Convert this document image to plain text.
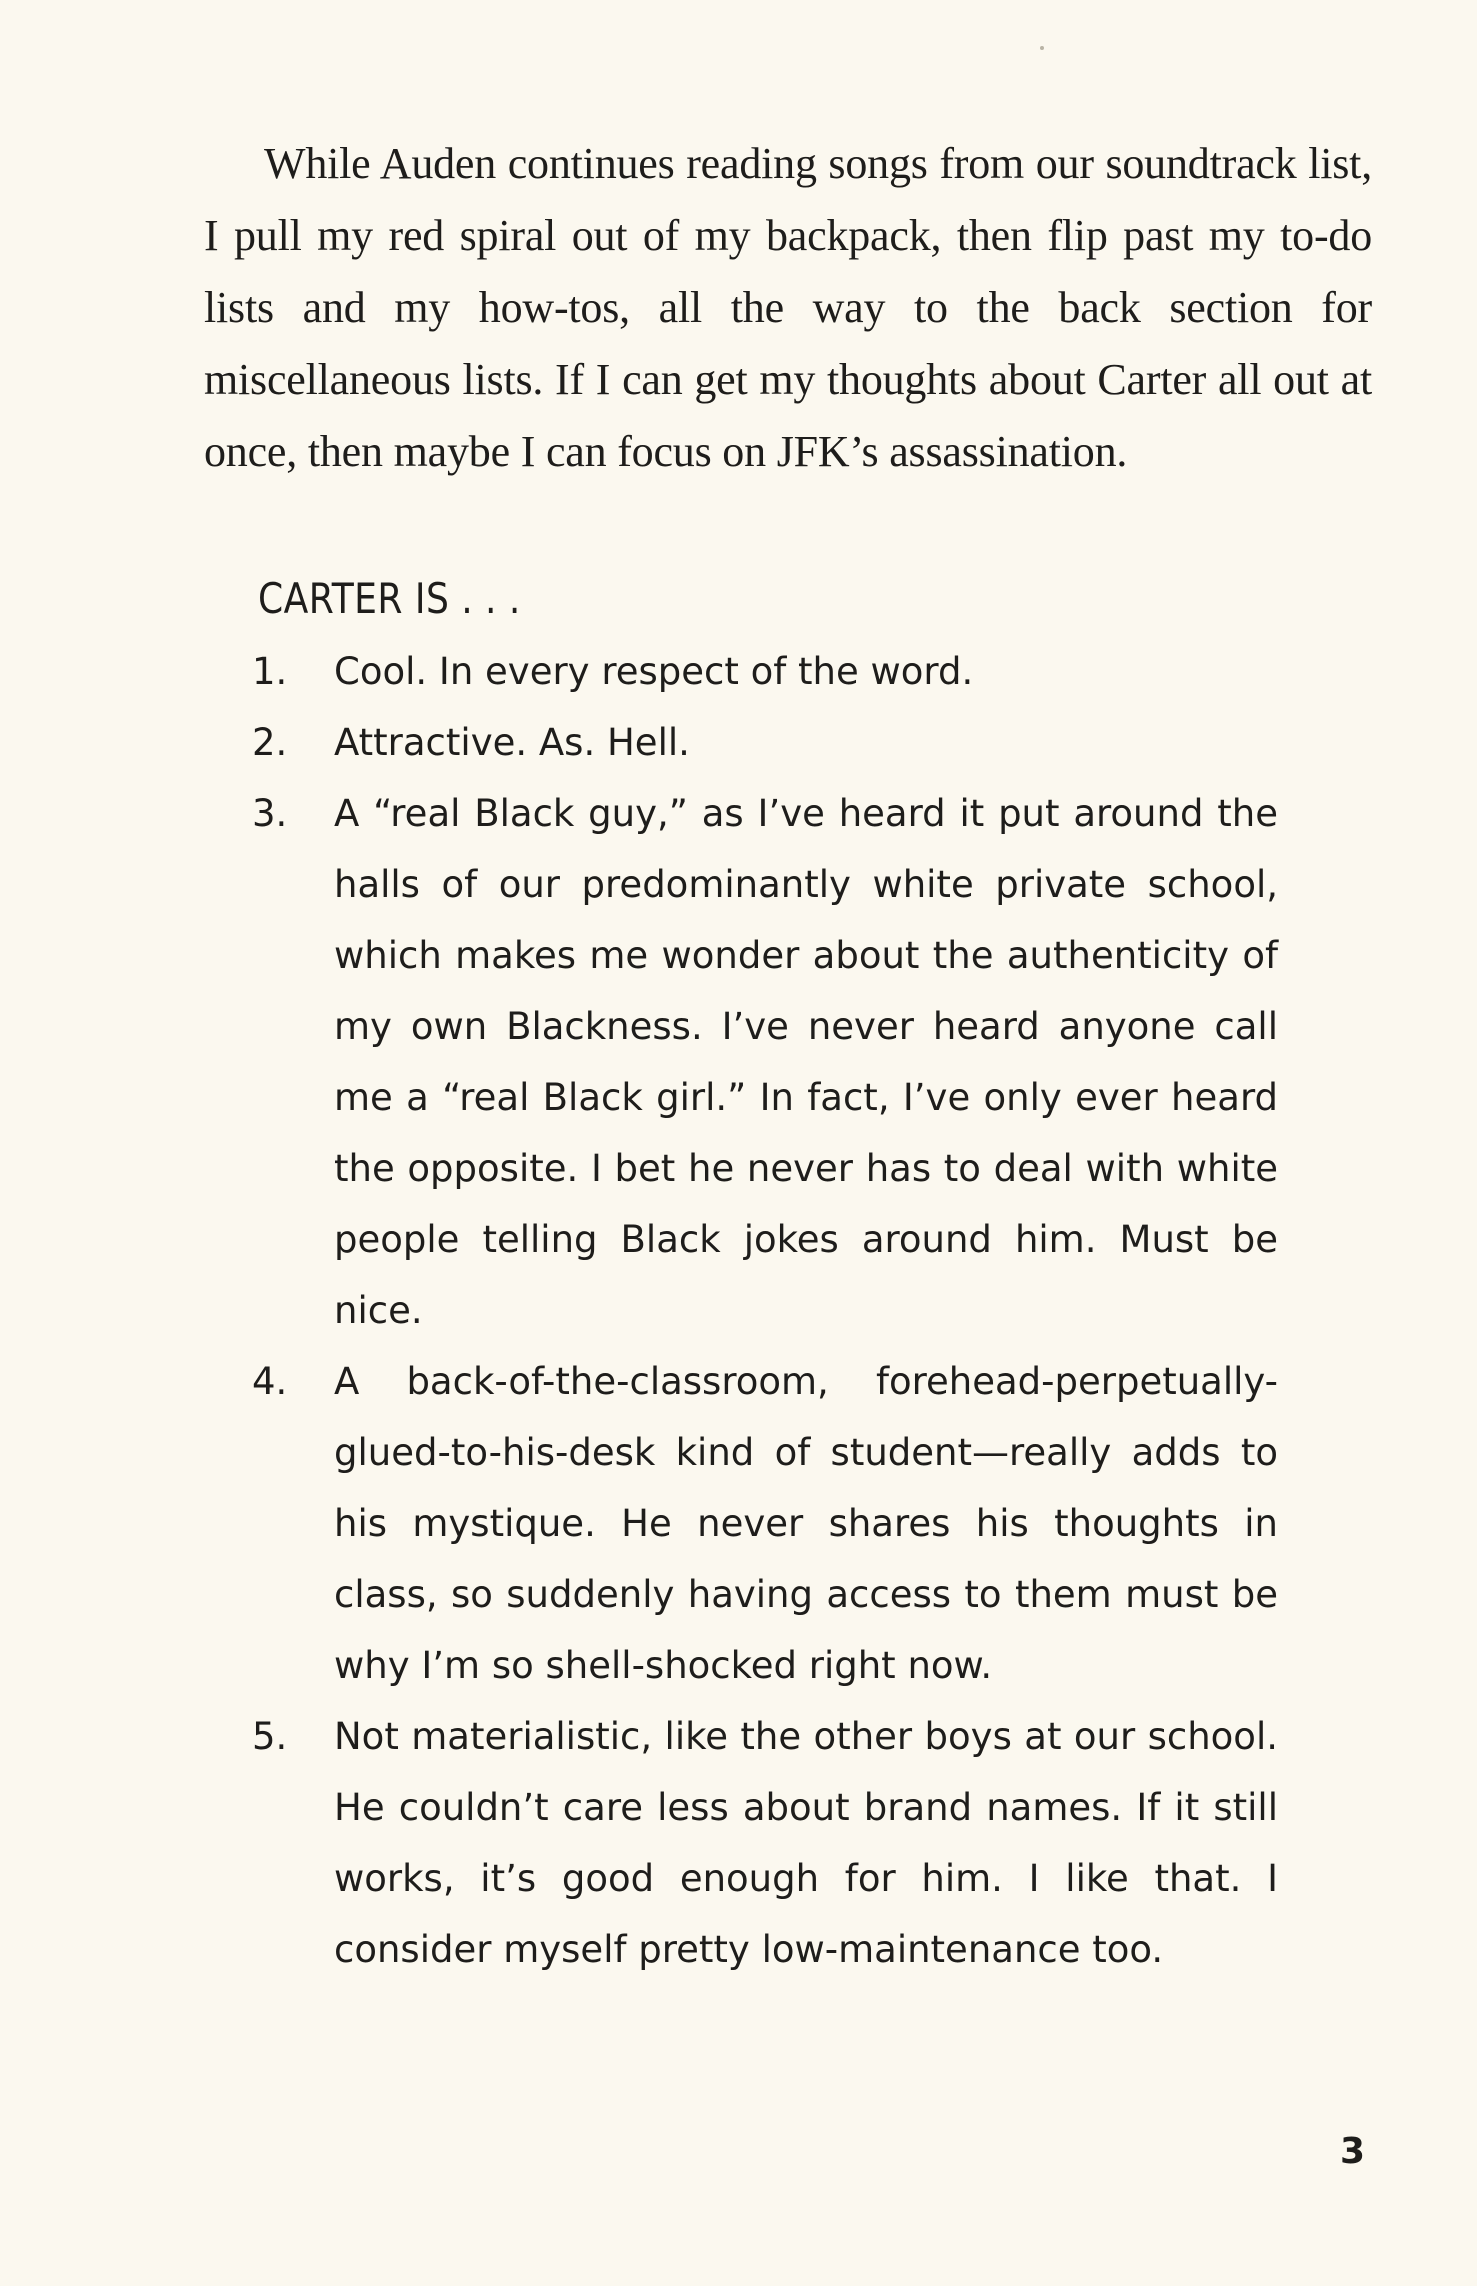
While Auden continues reading songs from our soundtrack list, I pull my red spiral out of my backpack, then flip past my to-do lists and my how-tos, all the way to the back section for miscellaneous lists. If I can get my thoughts about Carter all out at once, then maybe I can focus on JFK’s assassination.

CARTER IS . . .
1. Cool. In every respect of the word.
2. Attractive. As. Hell.
3. A “real Black guy,” as I’ve heard it put around the halls of our predominantly white private school, which makes me wonder about the authenticity of my own Blackness. I’ve never heard anyone call me a “real Black girl.” In fact, I’ve only ever heard the opposite. I bet he never has to deal with white people telling Black jokes around him. Must be nice.
4. A back-of-the-classroom, forehead-perpetually-glued-to-his-desk kind of student—really adds to his mystique. He never shares his thoughts in class, so suddenly having access to them must be why I’m so shell-shocked right now.
5. Not materialistic, like the other boys at our school. He couldn’t care less about brand names. If it still works, it’s good enough for him. I like that. I consider myself pretty low-maintenance too.
3
